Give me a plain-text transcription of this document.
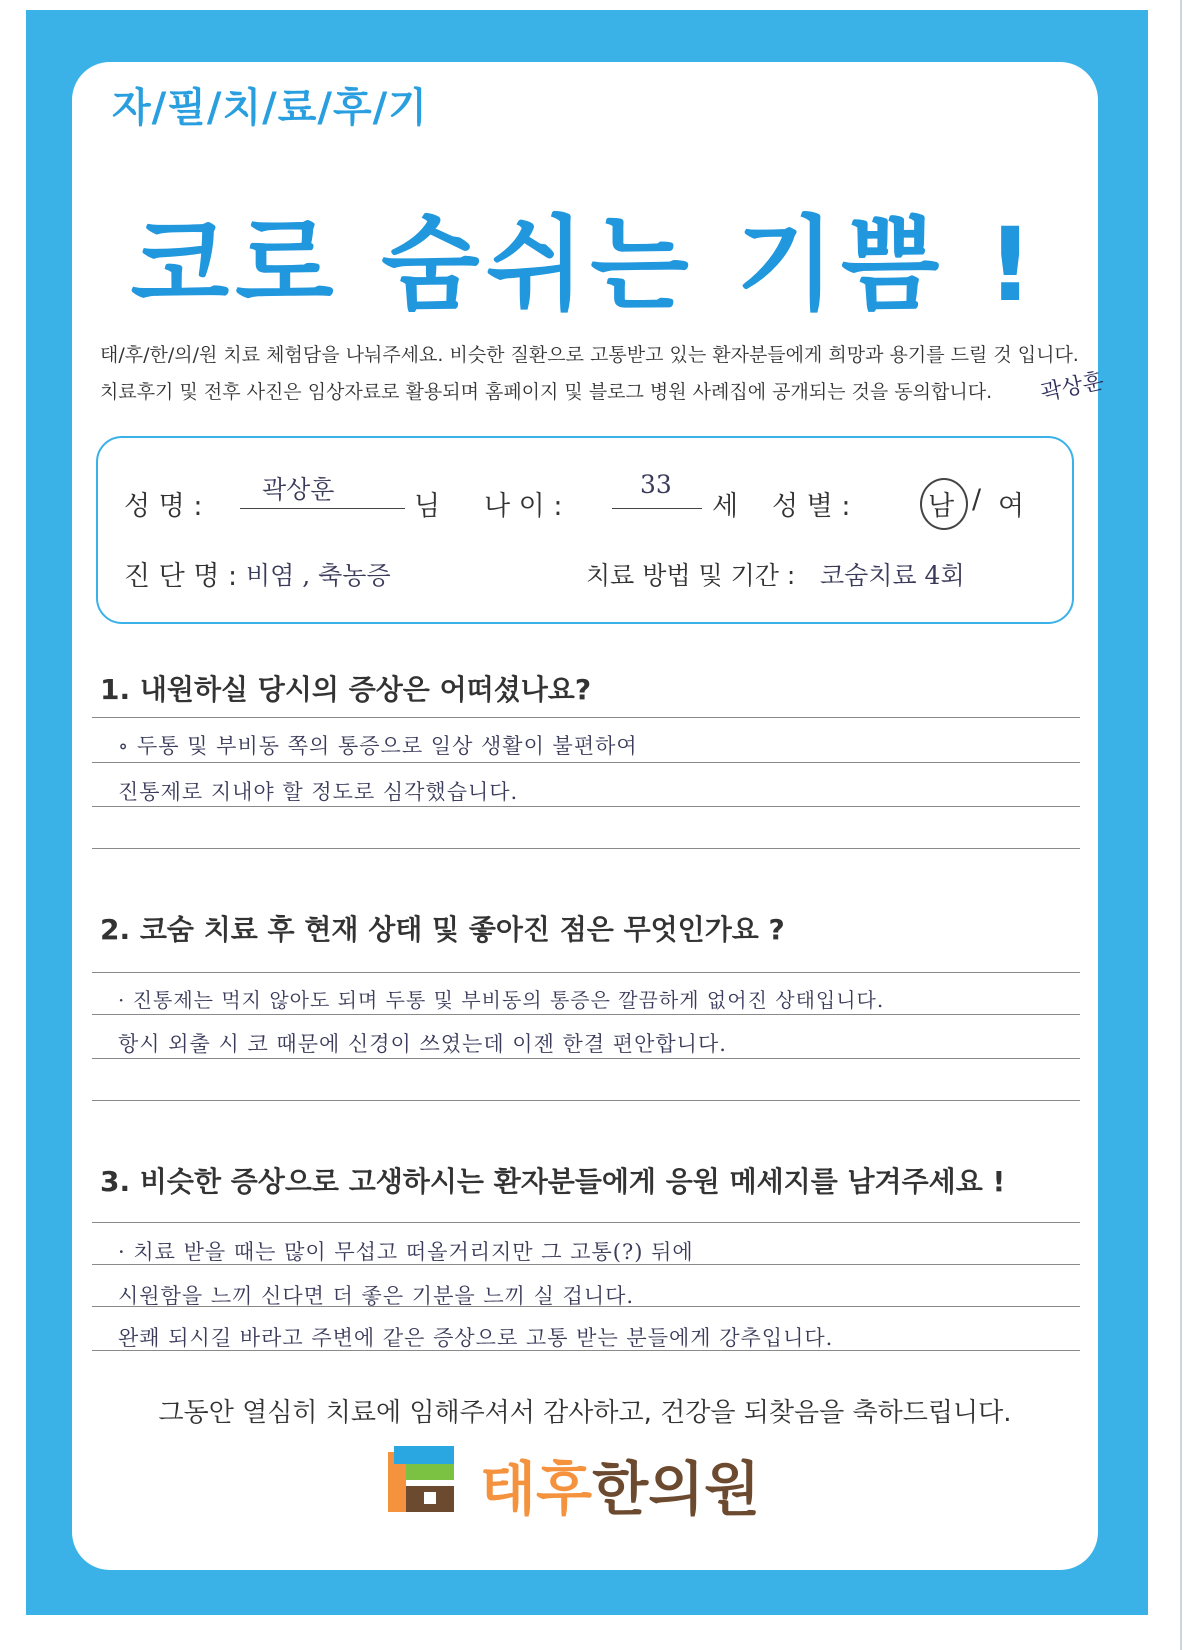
자/필/치/료/후/기
코로 숨쉬는 기쁨 !
태/후/한/의/원 치료 체험담을 나눠주세요. 비슷한 질환으로 고통받고 있는 환자분들에게 희망과 용기를 드릴 것 입니다.
치료후기 및 전후 사진은 임상자료로 활용되며 홈페이지 및 블로그 병원 사례집에 공개되는 것을 동의합니다. 곽상훈
성 명 :
곽상훈
님 나 이 :
33
세 성 별 :	남 / 여
진 단 명 : 비염 , 축농증	치료 방법 및 기간 : 코숨치료 4회
1. 내원하실 당시의 증상은 어떠셨나요?
∘ 두통 및 부비동 쪽의 통증으로 일상 생활이 불편하여
진통제로 지내야 할 정도로 심각했습니다.
2. 코숨 치료 후 현재 상태 및 좋아진 점은 무엇인가요 ?
· 진통제는 먹지 않아도 되며 두통 및 부비동의 통증은 깔끔하게 없어진 상태입니다.
항시 외출 시 코 때문에 신경이 쓰였는데 이젠 한결 편안합니다.
3. 비슷한 증상으로 고생하시는 환자분들에게 응원 메세지를 남겨주세요 !
· 치료 받을 때는 많이 무섭고 떠올거리지만 그 고통(?) 뒤에
시원함을 느끼 신다면 더 좋은 기분을 느끼 실 겁니다.
완쾌 되시길 바라고 주변에 같은 증상으로 고통 받는 분들에게 강추입니다.
그동안 열심히 치료에 임해주셔서 감사하고, 건강을 되찾음을 축하드립니다.
태후한의원
